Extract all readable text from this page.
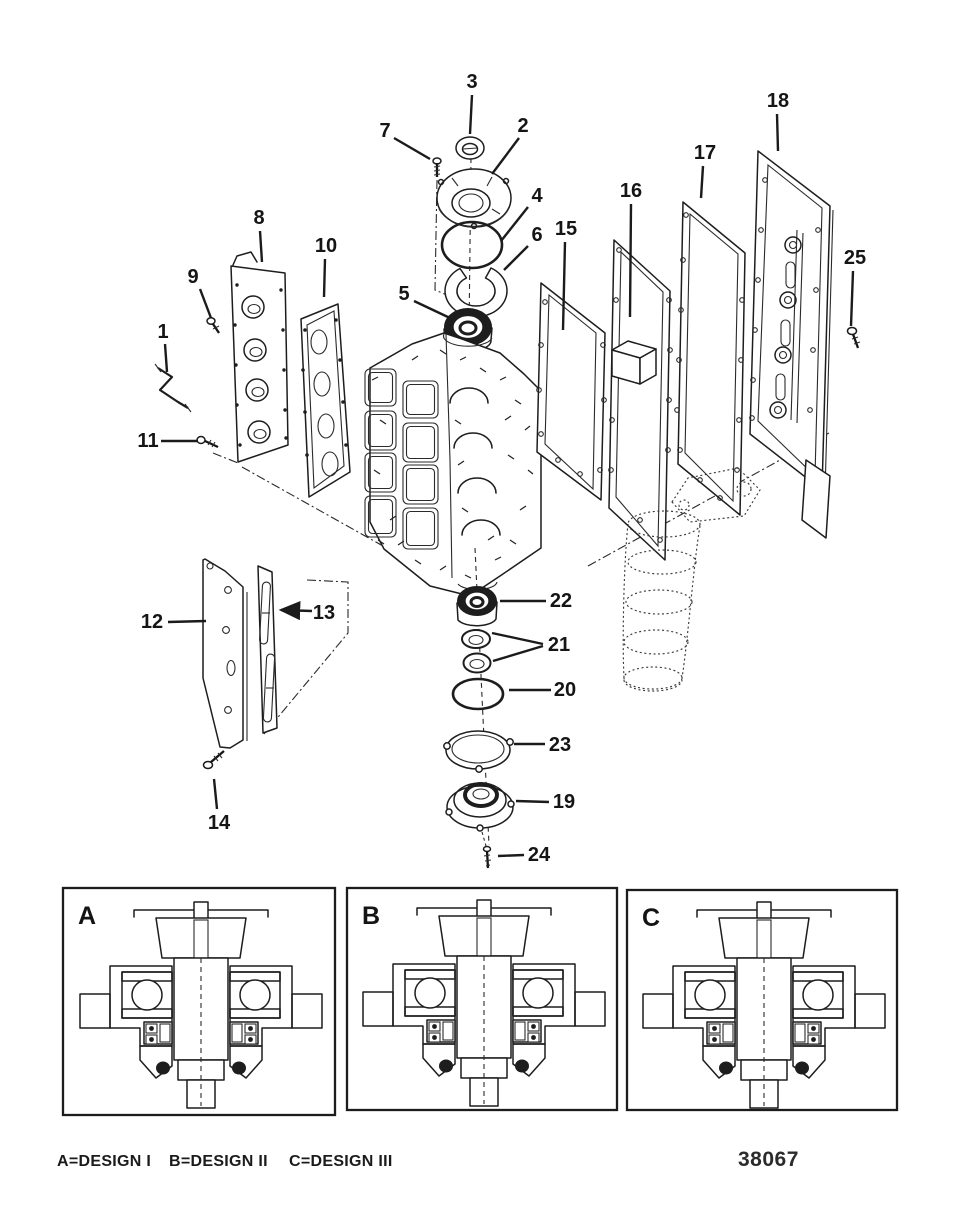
A	B	C
1
2
3
4
5
6
7
8
9
10
11
12	13
14
15
16
17
18
19
20
21
22
23
24
25
A=DESIGN I B=DESIGN II C=DESIGN III	38067
